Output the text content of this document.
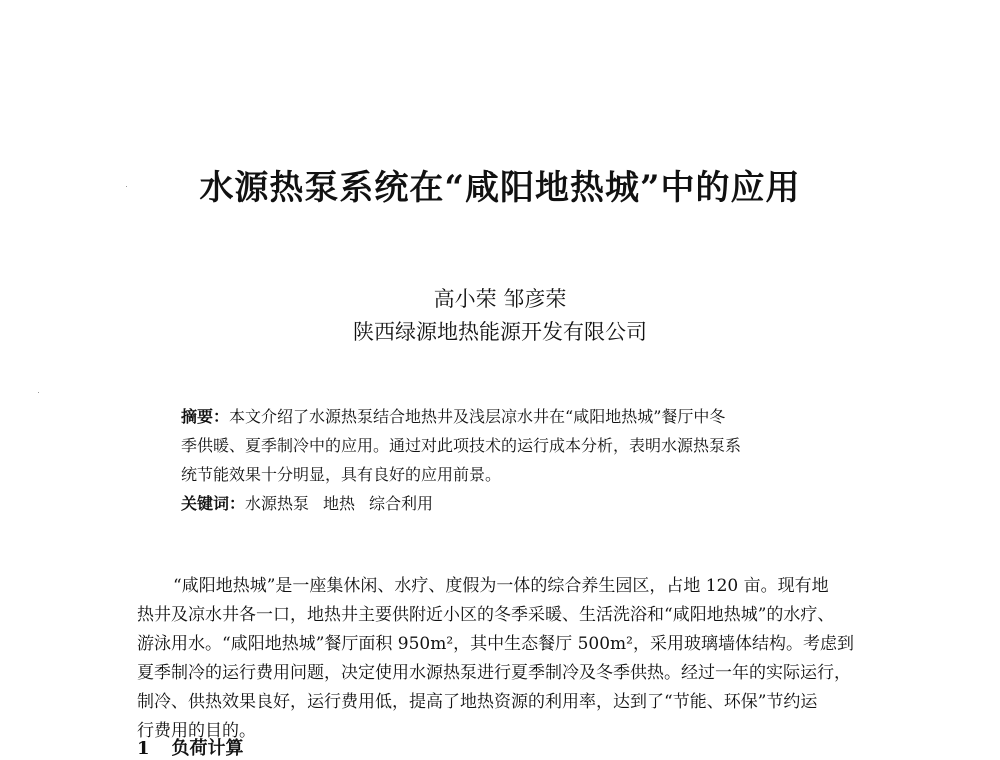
水源热泵系统在“咸阳地热城”中的应用

高小荣 邹彦荣

陕西绿源地热能源开发有限公司

摘要：本文介绍了水源热泵结合地热井及浅层凉水井在“咸阳地热城”餐厅中冬
季供暖、夏季制冷中的应用。通过对此项技术的运行成本分析，表明水源热泵系
统节能效果十分明显，具有良好的应用前景。
关键词：水源热泵 地热 综合利用
“咸阳地热城”是一座集休闲、水疗、度假为一体的综合养生园区，占地 120 亩。现有地
热井及凉水井各一口，地热井主要供附近小区的冬季采暖、生活洗浴和“咸阳地热城”的水疗、
游泳用水。“咸阳地热城”餐厅面积 950m²，其中生态餐厅 500m²，采用玻璃墙体结构。考虑到
夏季制冷的运行费用问题，决定使用水源热泵进行夏季制冷及冬季供热。经过一年的实际运行，
制冷、供热效果良好，运行费用低，提高了地热资源的利用率，达到了“节能、环保”节约运
行费用的目的。
1 负荷计算
